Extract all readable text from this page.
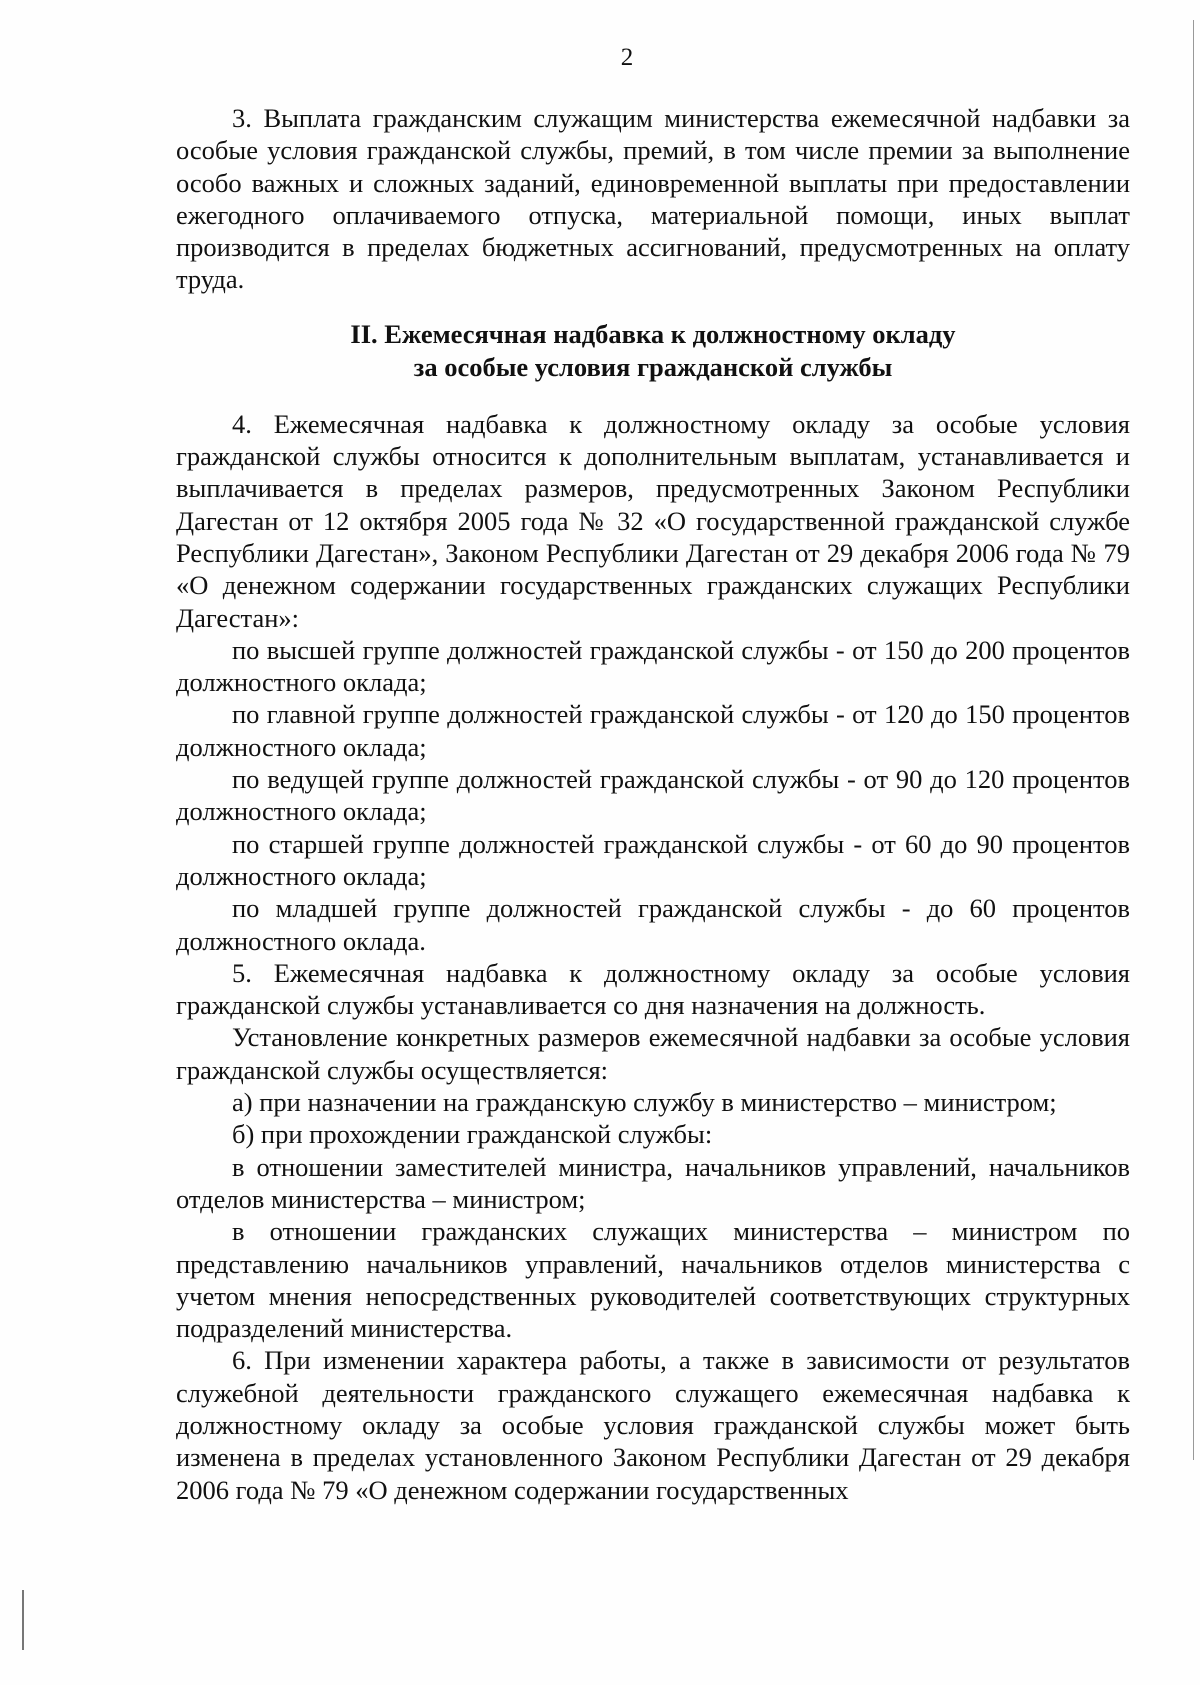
2

3. Выплата гражданским служащим министерства ежемесячной надбавки за особые условия гражданской службы, премий, в том числе премии за выполнение особо важных и сложных заданий, единовременной выплаты при предоставлении ежегодного оплачиваемого отпуска, материальной помощи, иных выплат производится в пределах бюджетных ассигнований, предусмотренных на оплату труда.

II. Ежемесячная надбавка к должностному окладу
за особые условия гражданской службы

4. Ежемесячная надбавка к должностному окладу за особые условия гражданской службы относится к дополнительным выплатам, устанавливается и выплачивается в пределах размеров, предусмотренных Законом Республики Дагестан от 12 октября 2005 года № 32 «О государственной гражданской службе Республики Дагестан», Законом Республики Дагестан от 29 декабря 2006 года № 79 «О денежном содержании государственных гражданских служащих Республики Дагестан»:

по высшей группе должностей гражданской службы - от 150 до 200 процентов должностного оклада;

по главной группе должностей гражданской службы - от 120 до 150 процентов должностного оклада;

по ведущей группе должностей гражданской службы - от 90 до 120 процентов должностного оклада;

по старшей группе должностей гражданской службы - от 60 до 90 процентов должностного оклада;

по младшей группе должностей гражданской службы - до 60 процентов должностного оклада.

5. Ежемесячная надбавка к должностному окладу за особые условия гражданской службы устанавливается со дня назначения на должность.

Установление конкретных размеров ежемесячной надбавки за особые условия гражданской службы осуществляется:

а) при назначении на гражданскую службу в министерство – министром;

б) при прохождении гражданской службы:

в отношении заместителей министра, начальников управлений, начальников отделов министерства – министром;

в отношении гражданских служащих министерства – министром по представлению начальников управлений, начальников отделов министерства с учетом мнения непосредственных руководителей соответствующих структурных подразделений министерства.

6. При изменении характера работы, а также в зависимости от результатов служебной деятельности гражданского служащего ежемесячная надбавка к должностному окладу за особые условия гражданской службы может быть изменена в пределах установленного Законом Республики Дагестан от 29 декабря 2006 года № 79 «О денежном содержании государственных
